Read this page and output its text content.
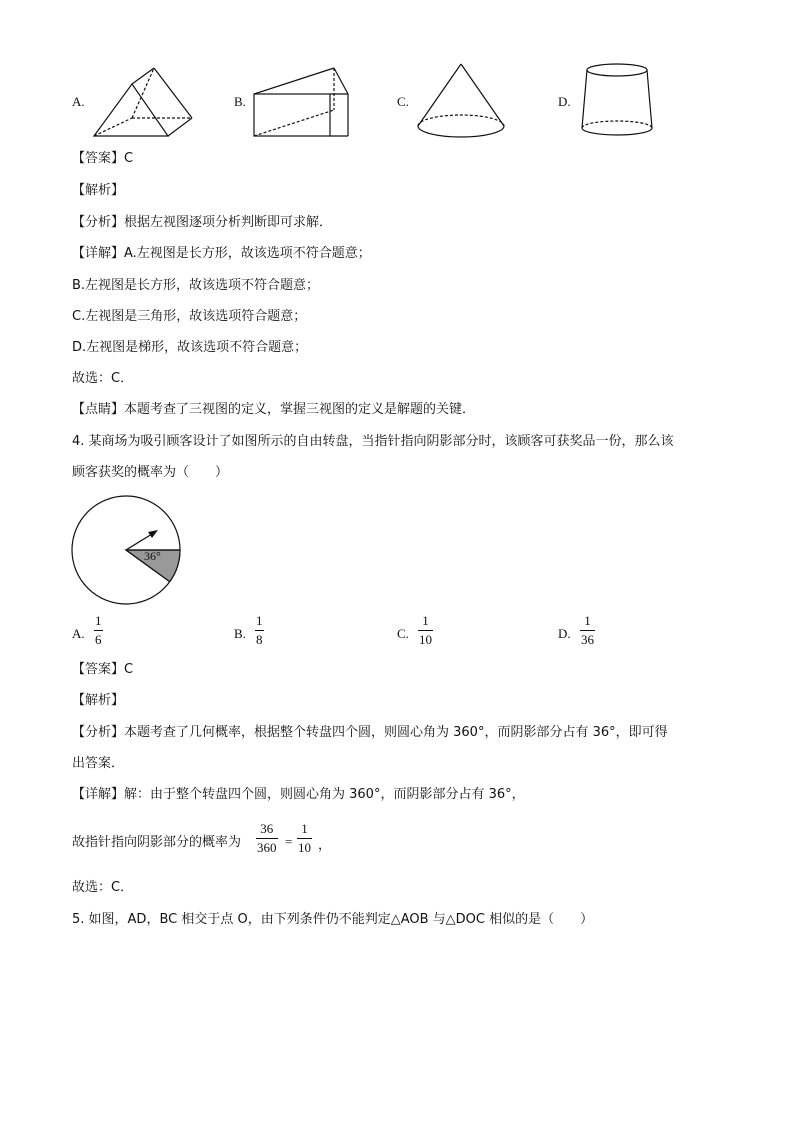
A.	B.	C.	D.
【答案】C
【解析】
【分析】根据左视图逐项分析判断即可求解．
【详解】A.左视图是长方形，故该选项不符合题意；
B.左视图是长方形，故该选项不符合题意；
C.左视图是三角形，故该选项符合题意；
D.左视图是梯形，故该选项不符合题意；
故选：C．
【点睛】本题考查了三视图的定义，掌握三视图的定义是解题的关键．
4. 某商场为吸引顾客设计了如图所示的自由转盘，当指针指向阴影部分时，该顾客可获奖品一份，那么该
顾客获奖的概率为（　　）
36°
A.
1
6	B.
1
8	C.
1
10	D.
1
36
【答案】C
【解析】
【分析】本题考查了几何概率，根据整个转盘四个圆，则圆心角为 360°，而阴影部分占有 36°，即可得
出答案．
【详解】解：由于整个转盘四个圆，则圆心角为 360°，而阴影部分占有 36°，
故指针指向阴影部分的概率为
36
360 =
1
10 ，
故选：C．
5. 如图，AD，BC 相交于点 O，由下列条件仍不能判定△AOB 与△DOC 相似的是（　　）
